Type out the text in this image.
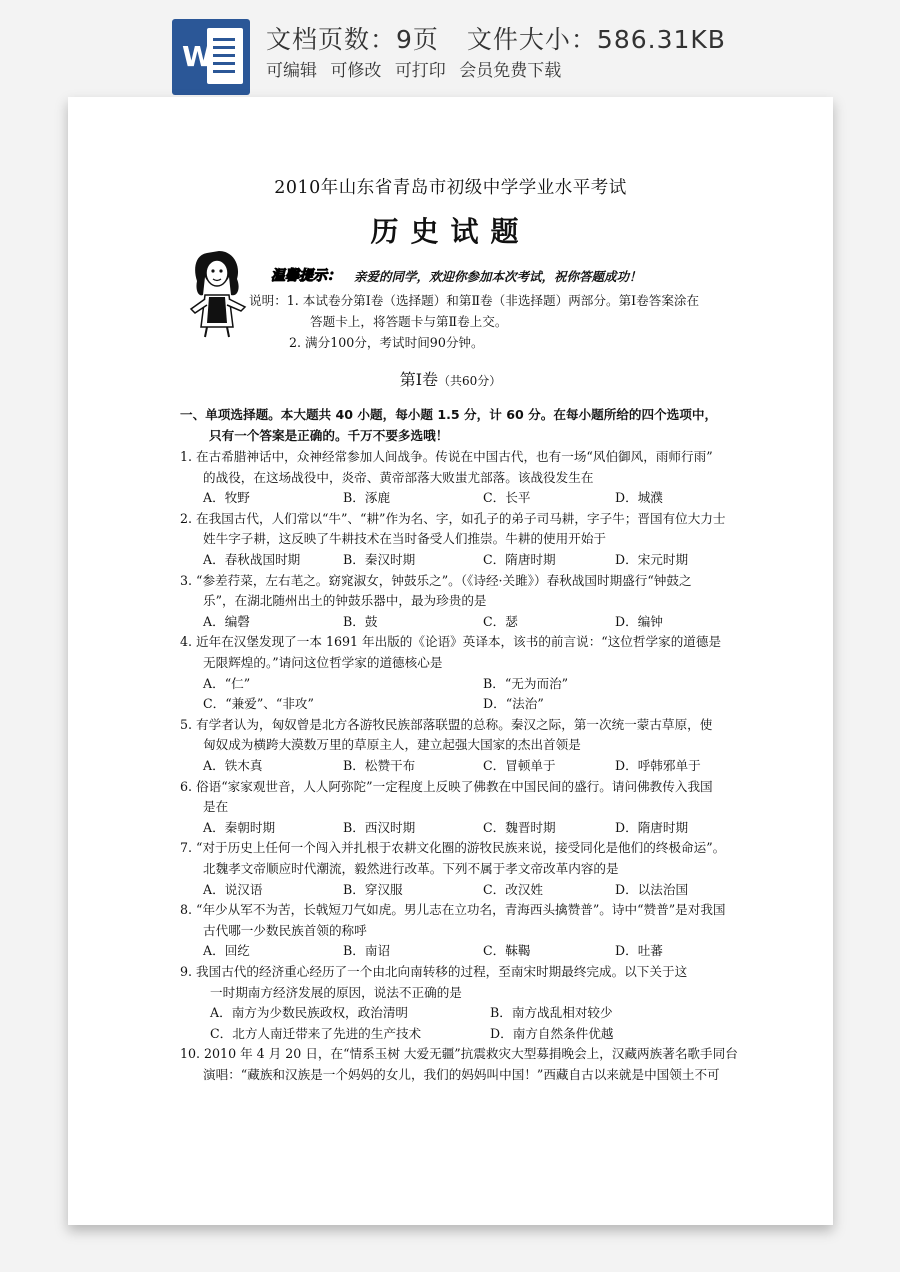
W
文档页数：9页 文件大小：586.31KB
可编辑 可修改 可打印 会员免费下载
2010年山东省青岛市初级中学学业水平考试
历史试题
温馨提示： 亲爱的同学，欢迎你参加本次考试，祝你答题成功！
说明：1. 本试卷分第Ⅰ卷（选择题）和第Ⅱ卷（非选择题）两部分。第Ⅰ卷答案涂在
答题卡上，将答题卡与第Ⅱ卷上交。
2. 满分100分，考试时间90分钟。
第Ⅰ卷（共60分）
一、单项选择题。本大题共 40 小题，每小题 1.5 分，计 60 分。在每小题所给的四个选项中，
只有一个答案是正确的。千万不要多选哦！
1. 在古希腊神话中，众神经常参加人间战争。传说在中国古代，也有一场“风伯御风，雨师行雨”
的战役，在这场战役中，炎帝、黄帝部落大败蚩尤部落。该战役发生在
A．牧野	B．涿鹿	C．长平	D．城濮
2. 在我国古代，人们常以“牛”、“耕”作为名、字，如孔子的弟子司马耕，字子牛；晋国有位大力士
姓牛字子耕，这反映了牛耕技术在当时备受人们推崇。牛耕的使用开始于
A．春秋战国时期	B．秦汉时期	C．隋唐时期	D．宋元时期
3. “参差荇菜，左右芼之。窈窕淑女，钟鼓乐之”。（《诗经·关雎》）春秋战国时期盛行“钟鼓之
乐”，在湖北随州出土的钟鼓乐器中，最为珍贵的是
A．编磬	B．鼓	C．瑟	D．编钟
4. 近年在汉堡发现了一本 1691 年出版的《论语》英译本，该书的前言说：“这位哲学家的道德是
无限辉煌的。”请问这位哲学家的道德核心是
A．“仁”	B．“无为而治”
C．“兼爱”、“非攻”	D．“法治”
5. 有学者认为，匈奴曾是北方各游牧民族部落联盟的总称。秦汉之际，第一次统一蒙古草原，使
匈奴成为横跨大漠数万里的草原主人，建立起强大国家的杰出首领是
A．铁木真	B．松赞干布	C．冒顿单于	D．呼韩邪单于
6. 俗语“家家观世音，人人阿弥陀”一定程度上反映了佛教在中国民间的盛行。请问佛教传入我国
是在
A．秦朝时期	B．西汉时期	C．魏晋时期	D．隋唐时期
7. “对于历史上任何一个闯入并扎根于农耕文化圈的游牧民族来说，接受同化是他们的终极命运”。
北魏孝文帝顺应时代潮流，毅然进行改革。下列不属于孝文帝改革内容的是
A．说汉语	B．穿汉服	C．改汉姓	D．以法治国
8. “年少从军不为苦，长戟短刀气如虎。男儿志在立功名，青海西头擒赞普”。诗中“赞普”是对我国
古代哪一少数民族首领的称呼
A．回纥	B．南诏	C．靺鞨	D．吐蕃
9. 我国古代的经济重心经历了一个由北向南转移的过程，至南宋时期最终完成。以下关于这
一时期南方经济发展的原因，说法不正确的是
A．南方为少数民族政权，政治清明	B．南方战乱相对较少
C．北方人南迁带来了先进的生产技术	D．南方自然条件优越
10. 2010 年 4 月 20 日，在“情系玉树 大爱无疆”抗震救灾大型募捐晚会上，汉藏两族著名歌手同台
演唱：“藏族和汉族是一个妈妈的女儿，我们的妈妈叫中国！”西藏自古以来就是中国领土不可
